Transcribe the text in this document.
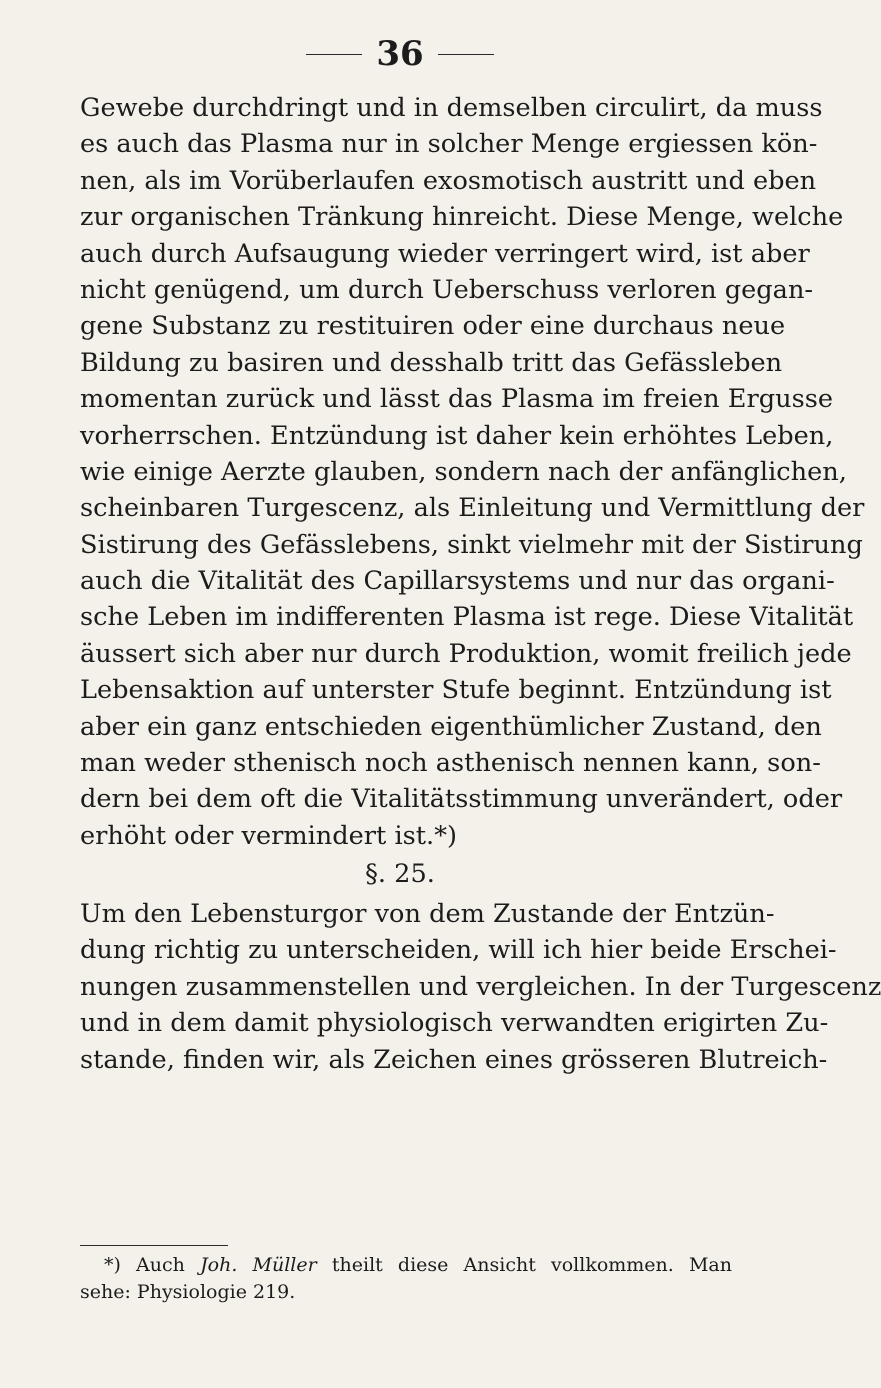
36
Gewebe durchdringt und in demselben circulirt, da muss
es auch das Plasma nur in solcher Menge ergiessen kön-
nen, als im Vorüberlaufen exosmotisch austritt und eben
zur organischen Tränkung hinreicht. Diese Menge, welche
auch durch Aufsaugung wieder verringert wird, ist aber
nicht genügend, um durch Ueberschuss verloren gegan-
gene Substanz zu restituiren oder eine durchaus neue
Bildung zu basiren und desshalb tritt das Gefässleben
momentan zurück und lässt das Plasma im freien Ergusse
vorherrschen. Entzündung ist daher kein erhöhtes Leben,
wie einige Aerzte glauben, sondern nach der anfänglichen,
scheinbaren Turgescenz, als Einleitung und Vermittlung der
Sistirung des Gefässlebens, sinkt vielmehr mit der Sistirung
auch die Vitalität des Capillarsystems und nur das organi-
sche Leben im indifferenten Plasma ist rege. Diese Vitalität
äussert sich aber nur durch Produktion, womit freilich jede
Lebensaktion auf unterster Stufe beginnt. Entzündung ist
aber ein ganz entschieden eigenthümlicher Zustand, den
man weder sthenisch noch asthenisch nennen kann, son-
dern bei dem oft die Vitalitätsstimmung unverändert, oder
erhöht oder vermindert ist.*)
§. 25.
Um den Lebensturgor von dem Zustande der Entzün-
dung richtig zu unterscheiden, will ich hier beide Erschei-
nungen zusammenstellen und vergleichen. In der Turgescenz
und in dem damit physiologisch verwandten erigirten Zu-
stande, finden wir, als Zeichen eines grösseren Blutreich-
*) Auch Joh. Müller theilt diese Ansicht vollkommen. Man
sehe: Physiologie 219.
